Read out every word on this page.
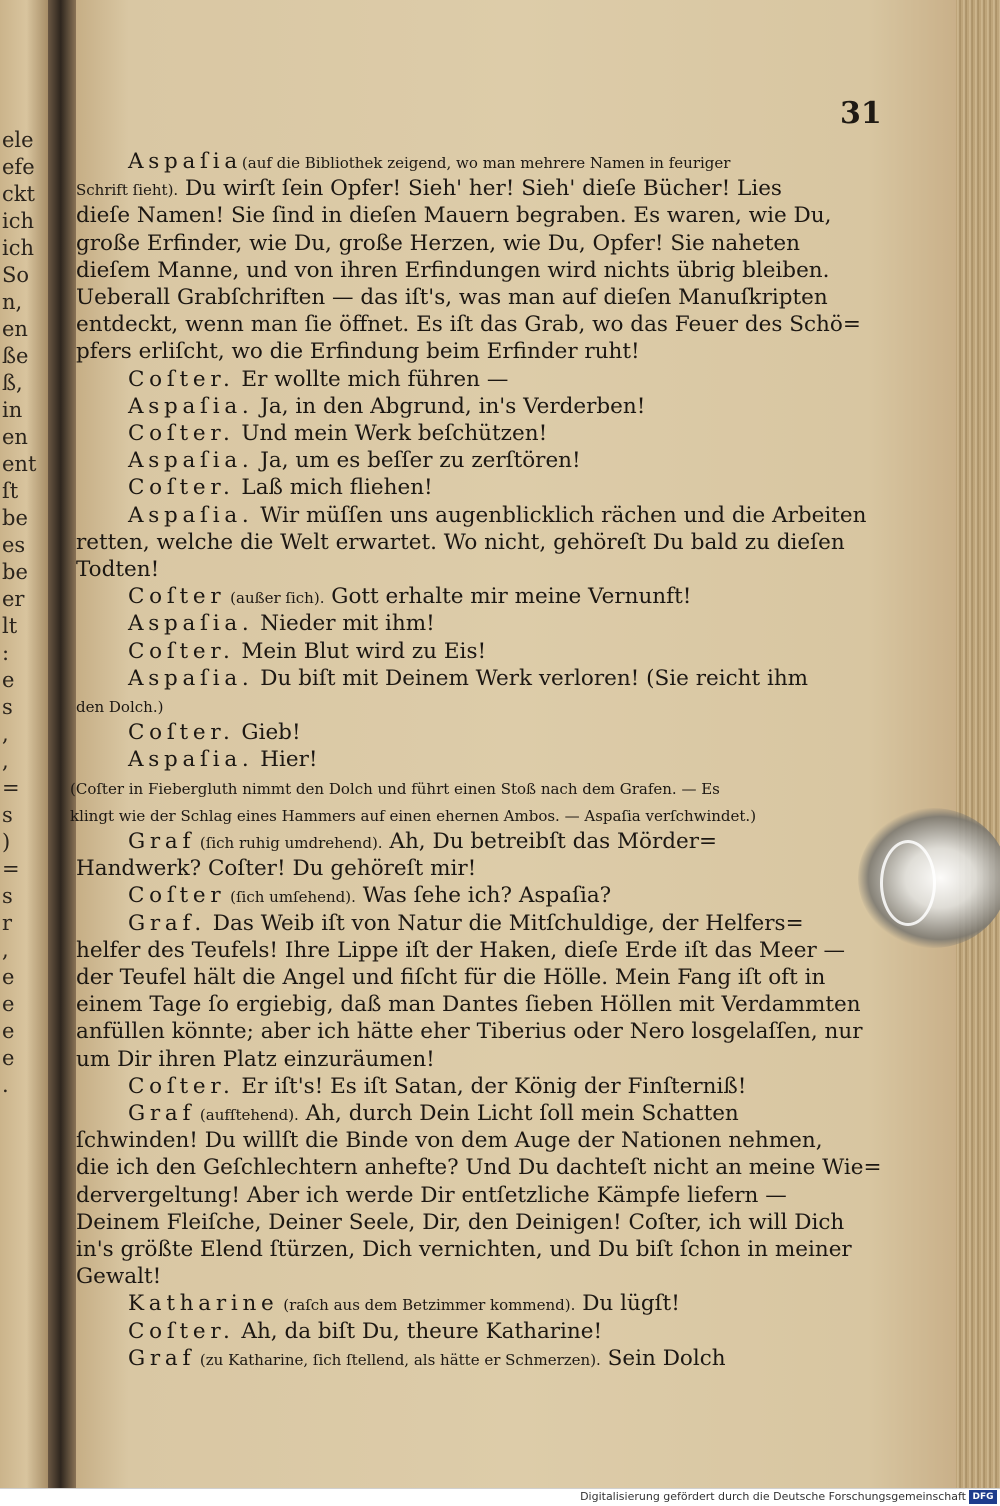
ele
efe
ckt
ich
ich
So
n,
en
ße
ß,
in
en
ent
ſt
be
es
be
er
lt
:
e
s
,
,
=
s
)
=
s
r
,
e
e
e
e
.
31
Aspaſia(auf die Bibliothek zeigend, wo man mehrere Namen in feuriger
Schrift ſieht). Du wirſt ſein Opfer! Sieh' her! Sieh' dieſe Bücher! Lies
dieſe Namen! Sie ſind in dieſen Mauern begraben. Es waren, wie Du,
große Erfinder, wie Du, große Herzen, wie Du, Opfer! Sie naheten
dieſem Manne, und von ihren Erfindungen wird nichts übrig bleiben.
Ueberall Grabſchriften — das iſt's, was man auf dieſen Manuſkripten
entdeckt, wenn man ſie öffnet. Es iſt das Grab, wo das Feuer des Schö=
pfers erliſcht, wo die Erfindung beim Erfinder ruht!
Coſter. Er wollte mich führen —
Aspaſia. Ja, in den Abgrund, in's Verderben!
Coſter. Und mein Werk beſchützen!
Aspaſia. Ja, um es beſſer zu zerſtören!
Coſter. Laß mich fliehen!
Aspaſia. Wir müſſen uns augenblicklich rächen und die Arbeiten
retten, welche die Welt erwartet. Wo nicht, gehöreſt Du bald zu dieſen
Todten!
Coſter (außer ſich). Gott erhalte mir meine Vernunft!
Aspaſia. Nieder mit ihm!
Coſter. Mein Blut wird zu Eis!
Aspaſia. Du biſt mit Deinem Werk verloren! (Sie reicht ihm
den Dolch.)
Coſter. Gieb!
Aspaſia. Hier!
(Coſter in Fiebergluth nimmt den Dolch und führt einen Stoß nach dem Grafen. — Es
klingt wie der Schlag eines Hammers auf einen ehernen Ambos. — Aspaſia verſchwindet.)
Graf (ſich ruhig umdrehend). Ah, Du betreibſt das Mörder=
Handwerk? Coſter! Du gehöreſt mir!
Coſter (ſich umſehend). Was ſehe ich? Aspaſia?
Graf. Das Weib iſt von Natur die Mitſchuldige, der Helfers=
helfer des Teufels! Ihre Lippe iſt der Haken, dieſe Erde iſt das Meer —
der Teufel hält die Angel und fiſcht für die Hölle. Mein Fang iſt oft in
einem Tage ſo ergiebig, daß man Dantes ſieben Höllen mit Verdammten
anfüllen könnte; aber ich hätte eher Tiberius oder Nero losgelaſſen, nur
um Dir ihren Platz einzuräumen!
Coſter. Er iſt's! Es iſt Satan, der König der Finſterniß!
Graf (aufſtehend). Ah, durch Dein Licht ſoll mein Schatten
ſchwinden! Du willſt die Binde von dem Auge der Nationen nehmen,
die ich den Geſchlechtern anhefte? Und Du dachteſt nicht an meine Wie=
dervergeltung! Aber ich werde Dir entſetzliche Kämpfe liefern —
Deinem Fleiſche, Deiner Seele, Dir, den Deinigen! Coſter, ich will Dich
in's größte Elend ſtürzen, Dich vernichten, und Du biſt ſchon in meiner
Gewalt!
Katharine (raſch aus dem Betzimmer kommend). Du lügſt!
Coſter. Ah, da biſt Du, theure Katharine!
Graf (zu Katharine, ſich ſtellend, als hätte er Schmerzen). Sein Dolch
Digitalisierung gefördert durch die Deutsche Forschungsgemeinschaft DFG
